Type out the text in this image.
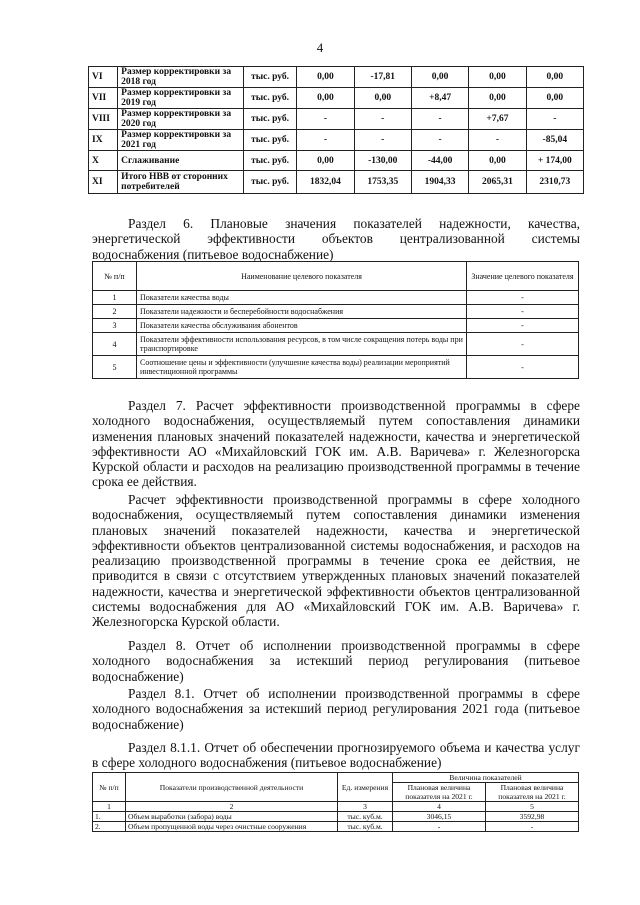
4
VI	Размер корректировки за 2018 год	тыс. руб.	0,00	-17,81	0,00	0,00	0,00
VII	Размер корректировки за 2019 год	тыс. руб.	0,00	0,00	+8,47	0,00	0,00
VIII	Размер корректировки за 2020 год	тыс. руб.	-	-	-	+7,67	-
IX	Размер корректировки за 2021 год	тыс. руб.	-	-	-	-	-85,04
X	Сглаживание	тыс. руб.	0,00	-130,00	-44,00	0,00	+ 174,00
XI	Итого НВВ от сторонних потребителей	тыс. руб.	1832,04	1753,35	1904,33	2065,31	2310,73
Раздел 6. Плановые значения показателей надежности, качества,
энергетической эффективности объектов централизованной системы
водоснабжения (питьевое водоснабжение)
№ п/п	Наименование целевого показателя	Значение целевого показателя
1	Показатели качества воды	-
2	Показатели надежности и бесперебойности водоснабжения	-
3	Показатели качества обслуживания абонентов	-
4	Показатели эффективности использования ресурсов, в том числе сокращения потерь воды при транспортировке	-
5	Соотношение цены и эффективности (улучшение качества воды) реализации мероприятий инвестиционной программы	-
Раздел 7. Расчет эффективности производственной программы в сфере холодного водоснабжения, осуществляемый путем сопоставления динамики изменения плановых значений показателей надежности, качества и энергетической эффективности АО «Михайловский ГОК им. А.В. Варичева» г. Железногорска Курской области и расходов на реализацию производственной программы в течение срока ее действия.
Расчет эффективности производственной программы в сфере холодного водоснабжения, осуществляемый путем сопоставления динамики изменения плановых значений показателей надежности, качества и энергетической эффективности объектов централизованной системы водоснабжения, и расходов на реализацию производственной программы в течение срока ее действия, не приводится в связи с отсутствием утвержденных плановых значений показателей надежности, качества и энергетической эффективности объектов централизованной системы водоснабжения для АО «Михайловский ГОК им. А.В. Варичева» г. Железногорска Курской области.
Раздел 8. Отчет об исполнении производственной программы в сфере холодного водоснабжения за истекший период регулирования (питьевое водоснабжение)
Раздел 8.1. Отчет об исполнении производственной программы в сфере холодного водоснабжения за истекший период регулирования 2021 года (питьевое водоснабжение)
Раздел 8.1.1. Отчет об обеспечении прогнозируемого объема и качества услуг в сфере холодного водоснабжения (питьевое водоснабжение)
№ п/п	Показатели производственной деятельности	Ед. измерения	Величина показателей	
			Плановая величина показателя на 2021 г.	Плановая величина показателя на 2021 г.
1	2	3	4	5
1.	Объем выработки (забора) воды	тыс. куб.м.	3046,15	3592,98
2.	Объем пропущенной воды через очистные сооружения	тыс. куб.м.	-	-
